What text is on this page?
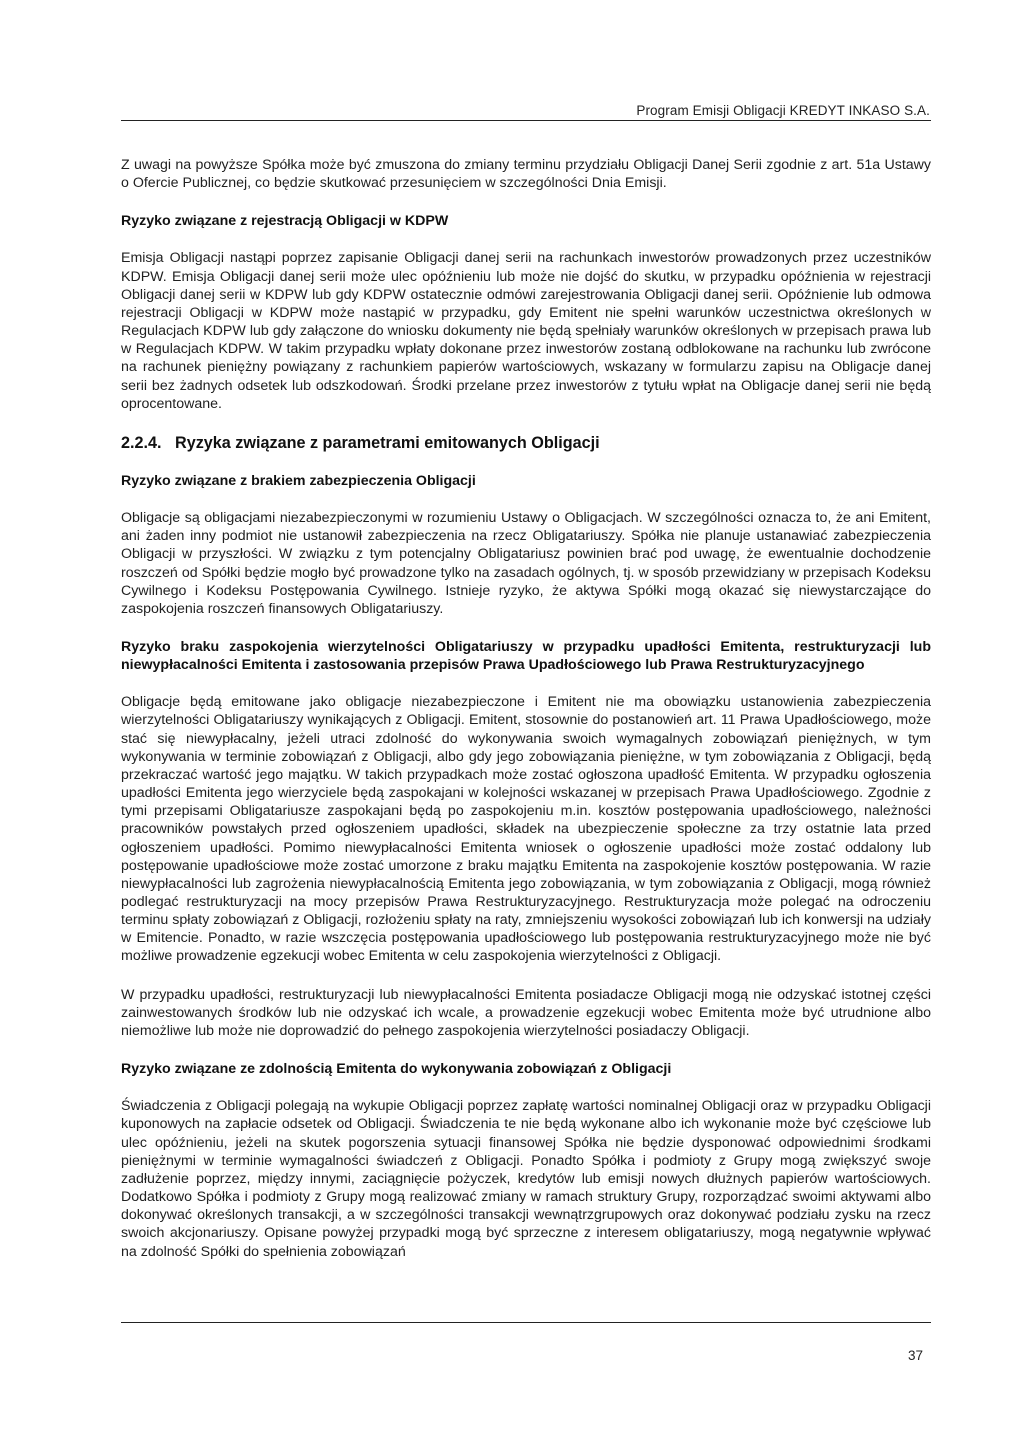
Program Emisji Obligacji KREDYT INKASO S.A.

Z uwagi na powyższe Spółka może być zmuszona do zmiany terminu przydziału Obligacji Danej Serii zgodnie z art. 51a Ustawy o Ofercie Publicznej, co będzie skutkować przesunięciem w szczególności Dnia Emisji.

Ryzyko związane z rejestracją Obligacji w KDPW

Emisja Obligacji nastąpi poprzez zapisanie Obligacji danej serii na rachunkach inwestorów prowadzonych przez uczestników KDPW. Emisja Obligacji danej serii może ulec opóźnieniu lub może nie dojść do skutku, w przypadku opóźnienia w rejestracji Obligacji danej serii w KDPW lub gdy KDPW ostatecznie odmówi zarejestrowania Obligacji danej serii. Opóźnienie lub odmowa rejestracji Obligacji w KDPW może nastąpić w przypadku, gdy Emitent nie spełni warunków uczestnictwa określonych w Regulacjach KDPW lub gdy załączone do wniosku dokumenty nie będą spełniały warunków określonych w przepisach prawa lub w Regulacjach KDPW. W takim przypadku wpłaty dokonane przez inwestorów zostaną odblokowane na rachunku lub zwrócone na rachunek pieniężny powiązany z rachunkiem papierów wartościowych, wskazany w formularzu zapisu na Obligacje danej serii bez żadnych odsetek lub odszkodowań. Środki przelane przez inwestorów z tytułu wpłat na Obligacje danej serii nie będą oprocentowane.

2.2.4. Ryzyka związane z parametrami emitowanych Obligacji
Ryzyko związane z brakiem zabezpieczenia Obligacji

Obligacje są obligacjami niezabezpieczonymi w rozumieniu Ustawy o Obligacjach. W szczególności oznacza to, że ani Emitent, ani żaden inny podmiot nie ustanowił zabezpieczenia na rzecz Obligatariuszy. Spółka nie planuje ustanawiać zabezpieczenia Obligacji w przyszłości. W związku z tym potencjalny Obligatariusz powinien brać pod uwagę, że ewentualnie dochodzenie roszczeń od Spółki będzie mogło być prowadzone tylko na zasadach ogólnych, tj. w sposób przewidziany w przepisach Kodeksu Cywilnego i Kodeksu Postępowania Cywilnego. Istnieje ryzyko, że aktywa Spółki mogą okazać się niewystarczające do zaspokojenia roszczeń finansowych Obligatariuszy.

Ryzyko braku zaspokojenia wierzytelności Obligatariuszy w przypadku upadłości Emitenta, restrukturyzacji lub niewypłacalności Emitenta i zastosowania przepisów Prawa Upadłościowego lub Prawa Restrukturyzacyjnego

Obligacje będą emitowane jako obligacje niezabezpieczone i Emitent nie ma obowiązku ustanowienia zabezpieczenia wierzytelności Obligatariuszy wynikających z Obligacji. Emitent, stosownie do postanowień art. 11 Prawa Upadłościowego, może stać się niewypłacalny, jeżeli utraci zdolność do wykonywania swoich wymagalnych zobowiązań pieniężnych, w tym wykonywania w terminie zobowiązań z Obligacji, albo gdy jego zobowiązania pieniężne, w tym zobowiązania z Obligacji, będą przekraczać wartość jego majątku. W takich przypadkach może zostać ogłoszona upadłość Emitenta. W przypadku ogłoszenia upadłości Emitenta jego wierzyciele będą zaspokajani w kolejności wskazanej w przepisach Prawa Upadłościowego. Zgodnie z tymi przepisami Obligatariusze zaspokajani będą po zaspokojeniu m.in. kosztów postępowania upadłościowego, należności pracowników powstałych przed ogłoszeniem upadłości, składek na ubezpieczenie społeczne za trzy ostatnie lata przed ogłoszeniem upadłości. Pomimo niewypłacalności Emitenta wniosek o ogłoszenie upadłości może zostać oddalony lub postępowanie upadłościowe może zostać umorzone z braku majątku Emitenta na zaspokojenie kosztów postępowania. W razie niewypłacalności lub zagrożenia niewypłacalnością Emitenta jego zobowiązania, w tym zobowiązania z Obligacji, mogą również podlegać restrukturyzacji na mocy przepisów Prawa Restrukturyzacyjnego. Restrukturyzacja może polegać na odroczeniu terminu spłaty zobowiązań z Obligacji, rozłożeniu spłaty na raty, zmniejszeniu wysokości zobowiązań lub ich konwersji na udziały w Emitencie. Ponadto, w razie wszczęcia postępowania upadłościowego lub postępowania restrukturyzacyjnego może nie być możliwe prowadzenie egzekucji wobec Emitenta w celu zaspokojenia wierzytelności z Obligacji.

W przypadku upadłości, restrukturyzacji lub niewypłacalności Emitenta posiadacze Obligacji mogą nie odzyskać istotnej części zainwestowanych środków lub nie odzyskać ich wcale, a prowadzenie egzekucji wobec Emitenta może być utrudnione albo niemożliwe lub może nie doprowadzić do pełnego zaspokojenia wierzytelności posiadaczy Obligacji.

Ryzyko związane ze zdolnością Emitenta do wykonywania zobowiązań z Obligacji

Świadczenia z Obligacji polegają na wykupie Obligacji poprzez zapłatę wartości nominalnej Obligacji oraz w przypadku Obligacji kuponowych na zapłacie odsetek od Obligacji. Świadczenia te nie będą wykonane albo ich wykonanie może być częściowe lub ulec opóźnieniu, jeżeli na skutek pogorszenia sytuacji finansowej Spółka nie będzie dysponować odpowiednimi środkami pieniężnymi w terminie wymagalności świadczeń z Obligacji. Ponadto Spółka i podmioty z Grupy mogą zwiększyć swoje zadłużenie poprzez, między innymi, zaciągnięcie pożyczek, kredytów lub emisji nowych dłużnych papierów wartościowych. Dodatkowo Spółka i podmioty z Grupy mogą realizować zmiany w ramach struktury Grupy, rozporządzać swoimi aktywami albo dokonywać określonych transakcji, a w szczególności transakcji wewnątrzgrupowych oraz dokonywać podziału zysku na rzecz swoich akcjonariuszy. Opisane powyżej przypadki mogą być sprzeczne z interesem obligatariuszy, mogą negatywnie wpływać na zdolność Spółki do spełnienia zobowiązań

37
